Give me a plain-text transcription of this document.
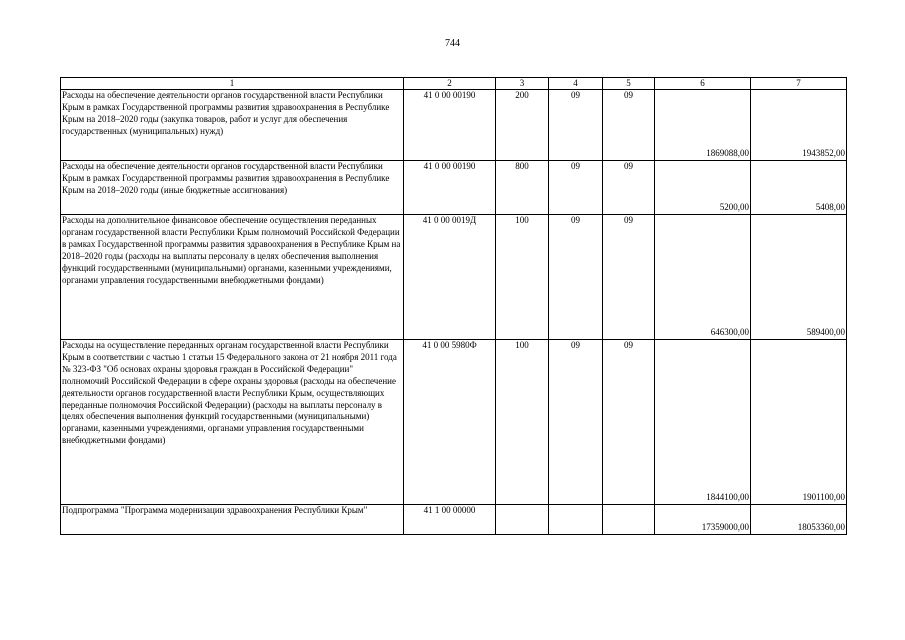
744
1	2	3	4	5	6	7
Расходы на обеспечение деятельности органов государственной власти Республики Крым в рамках Государственной программы развития здравоохранения в Республике Крым на 2018–2020 годы (закупка товаров, работ и услуг для обеспечения государственных (муниципальных) нужд)	41 0 00 00190	200	09	09	1869088,00	1943852,00
Расходы на обеспечение деятельности органов государственной власти Республики Крым в рамках Государственной программы развития здравоохранения в Республике Крым на 2018–2020 годы (иные бюджетные ассигнования)	41 0 00 00190	800	09	09	5200,00	5408,00
Расходы на дополнительное финансовое обеспечение осуществления переданных органам государственной власти Республики Крым полномочий Российской Федерации в рамках Государственной программы развития здравоохранения в Республике Крым на 2018–2020 годы (расходы на выплаты персоналу в целях обеспечения выполнения функций государственными (муниципальными) органами, казенными учреждениями, органами управления государственными внебюджетными фондами)	41 0 00 0019Д	100	09	09	646300,00	589400,00
Расходы на осуществление переданных органам государственной власти Республики Крым в соответствии с частью 1 статьи 15 Федерального закона от 21 ноября 2011 года № 323-ФЗ "Об основах охраны здоровья граждан в Российской Федерации" полномочий Российской Федерации в сфере охраны здоровья (расходы на обеспечение деятельности органов государственной власти Республики Крым, осуществляющих переданные полномочия Российской Федерации) (расходы на выплаты персоналу в целях обеспечения выполнения функций государственными (муниципальными) органами, казенными учреждениями, органами управления государственными внебюджетными фондами)	41 0 00 5980Ф	100	09	09	1844100,00	1901100,00
Подпрограмма "Программа модернизации здравоохранения Республики Крым"	41 1 00 00000				17359000,00	18053360,00
